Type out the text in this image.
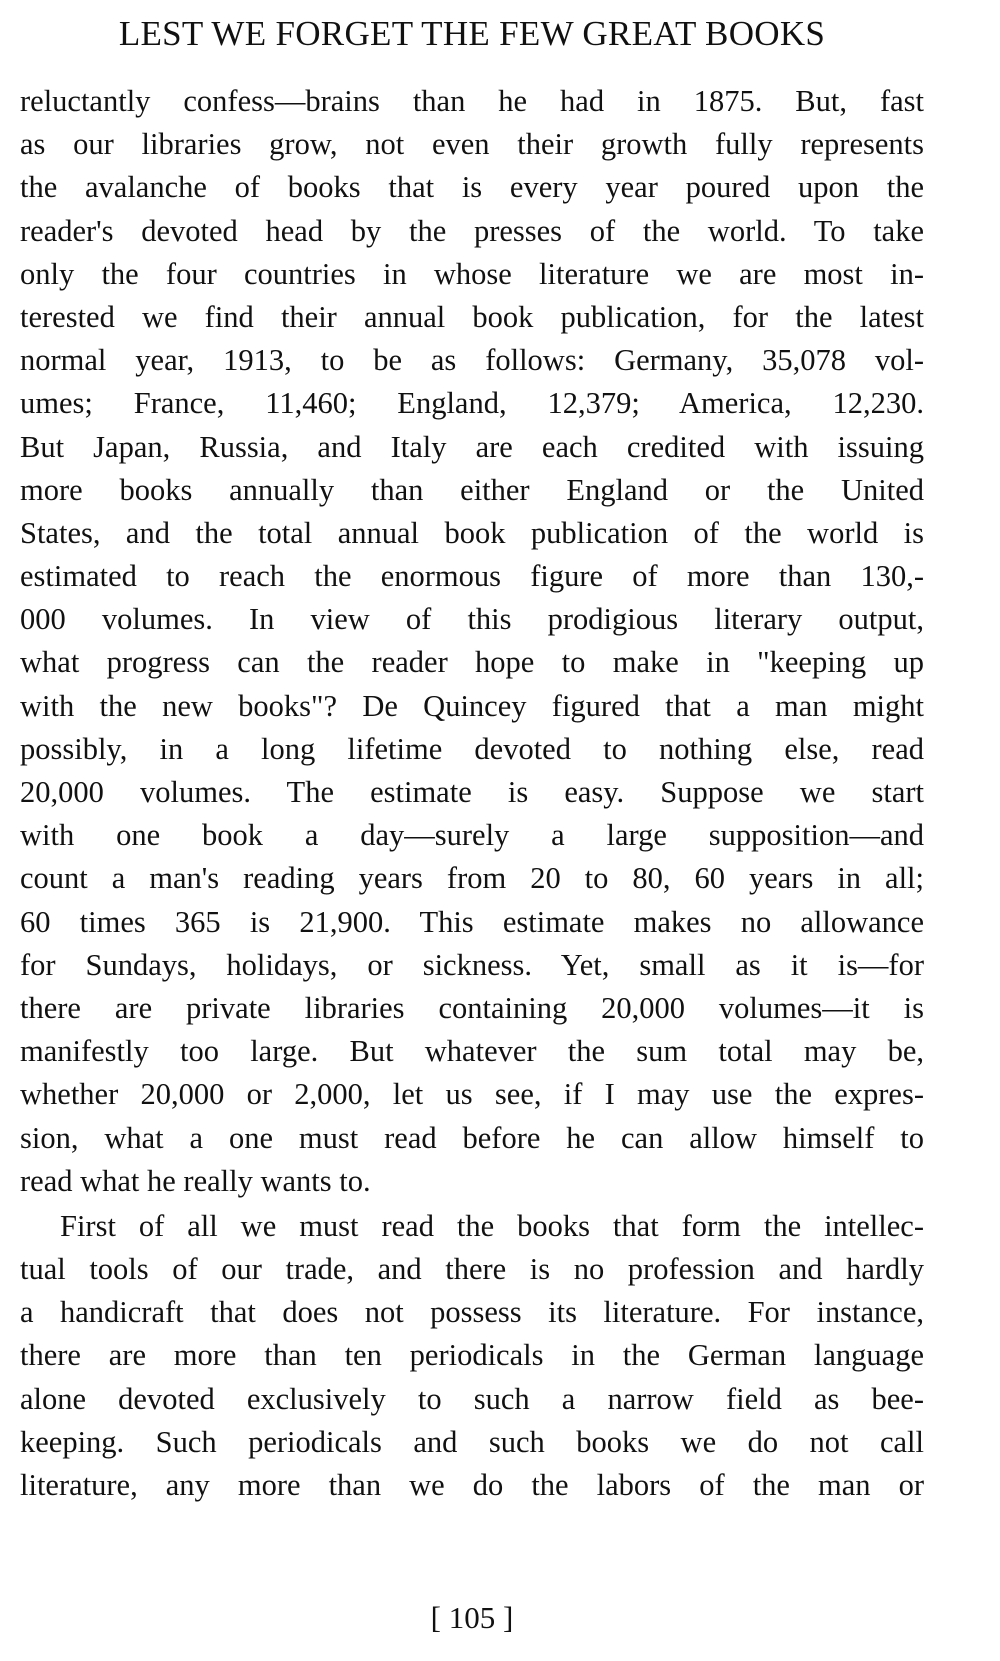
LEST WE FORGET THE FEW GREAT BOOKS
reluctantly confess—brains than he had in 1875. But, fast
as our libraries grow, not even their growth fully represents
the avalanche of books that is every year poured upon the
reader's devoted head by the presses of the world. To take
only the four countries in whose literature we are most in-
terested we find their annual book publication, for the latest
normal year, 1913, to be as follows: Germany, 35,078 vol-
umes; France, 11,460; England, 12,379; America, 12,230.
But Japan, Russia, and Italy are each credited with issuing
more books annually than either England or the United
States, and the total annual book publication of the world is
estimated to reach the enormous figure of more than 130,-
000 volumes. In view of this prodigious literary output,
what progress can the reader hope to make in "keeping up
with the new books"? De Quincey figured that a man might
possibly, in a long lifetime devoted to nothing else, read
20,000 volumes. The estimate is easy. Suppose we start
with one book a day—surely a large supposition—and
count a man's reading years from 20 to 80, 60 years in all;
60 times 365 is 21,900. This estimate makes no allowance
for Sundays, holidays, or sickness. Yet, small as it is—for
there are private libraries containing 20,000 volumes—it is
manifestly too large. But whatever the sum total may be,
whether 20,000 or 2,000, let us see, if I may use the expres-
sion, what a one must read before he can allow himself to
read what he really wants to.
First of all we must read the books that form the intellec-
tual tools of our trade, and there is no profession and hardly
a handicraft that does not possess its literature. For instance,
there are more than ten periodicals in the German language
alone devoted exclusively to such a narrow field as bee-
keeping. Such periodicals and such books we do not call
literature, any more than we do the labors of the man or
[ 105 ]
